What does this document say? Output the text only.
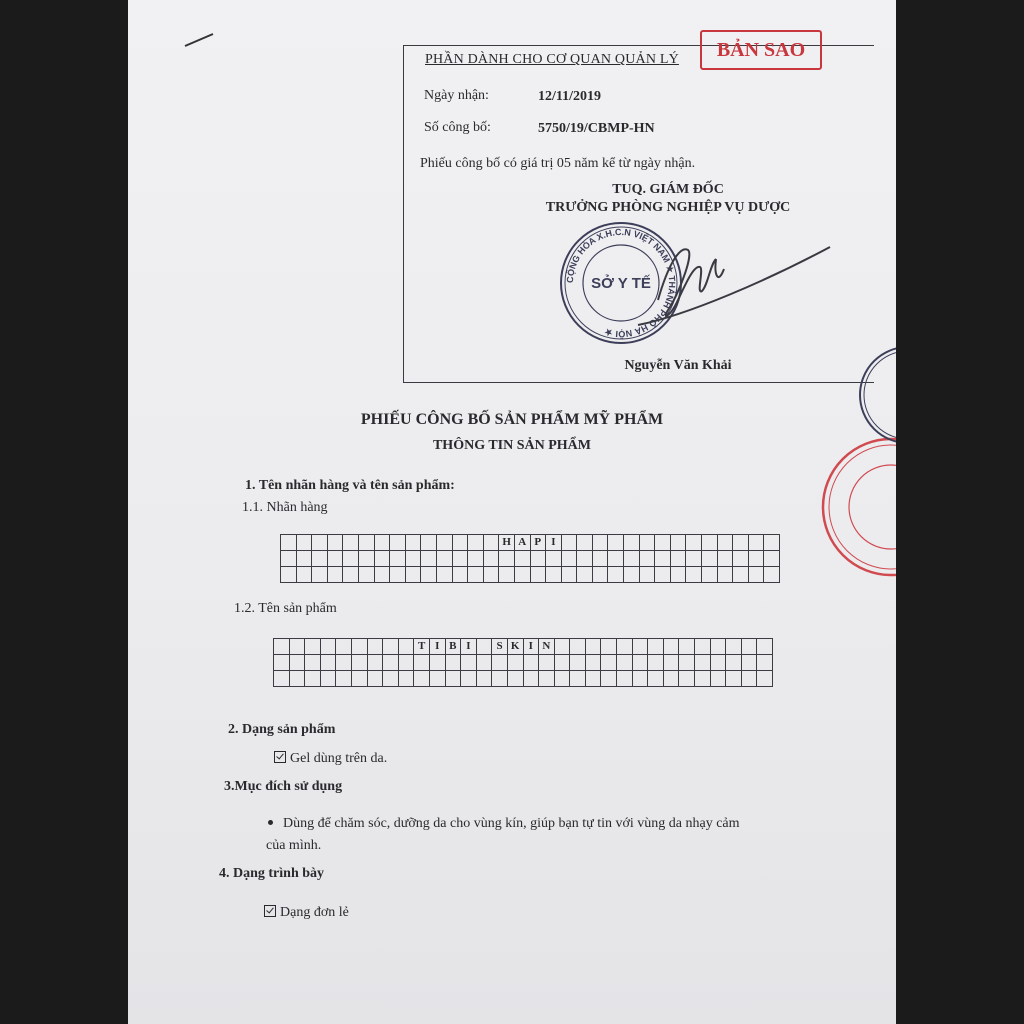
PHẦN DÀNH CHO CƠ QUAN QUẢN LÝ
Ngày nhận:	12/11/2019
Số công bố:	5750/19/CBMP-HN
Phiếu công bố có giá trị 05 năm kể từ ngày nhận.
TUQ. GIÁM ĐỐC
TRƯỞNG PHÒNG NGHIỆP VỤ DƯỢC
CỘNG HÒA X.H.C.N VIỆT NAM ★ THÀNH PHỐ HÀ NỘI ★
SỞ Y TẾ
Nguyễn Văn Khải
BẢN SAO
PHIẾU CÔNG BỐ SẢN PHẨM MỸ PHẨM
THÔNG TIN SẢN PHẨM
1. Tên nhãn hàng và tên sản phẩm:
1.1. Nhãn hàng
														H	A	P	I														

1.2. Tên sản phẩm
									T	I	B	I		S	K	I	N														

2. Dạng sản phẩm
Gel dùng trên da.
3.Mục đích sử dụng
Dùng để chăm sóc, dưỡng da cho vùng kín, giúp bạn tự tin với vùng da nhạy cảm
của mình.
4. Dạng trình bày
Dạng đơn lẻ
